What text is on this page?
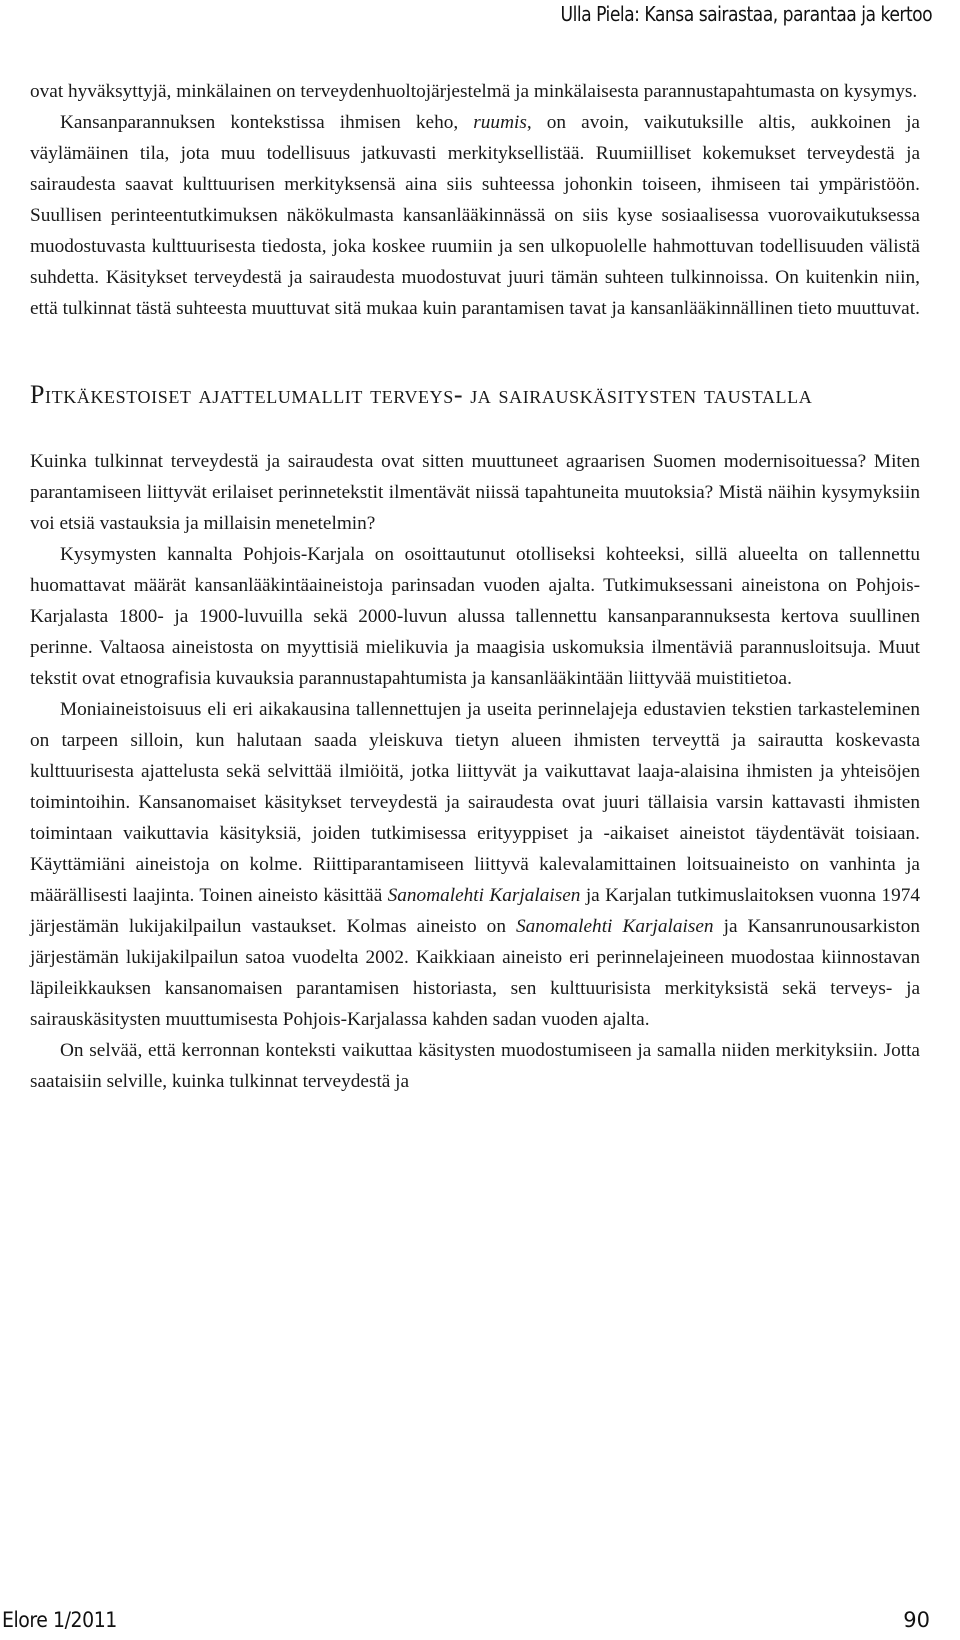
Ulla Piela: Kansa sairastaa, parantaa ja kertoo

ovat hyväksyttyjä, minkälainen on terveydenhuoltojärjestelmä ja minkälaisesta parannustapahtumasta on kysymys.

Kansanparannuksen kontekstissa ihmisen keho, ruumis, on avoin, vaikutuksille altis, aukkoinen ja väylämäinen tila, jota muu todellisuus jatkuvasti merkityksellistää. Ruumiilliset kokemukset terveydestä ja sairaudesta saavat kulttuurisen merkityksensä aina siis suhteessa johonkin toiseen, ihmiseen tai ympäristöön. Suullisen perinteentutkimuksen näkökulmasta kansanlääkinnässä on siis kyse sosiaalisessa vuorovaikutuksessa muodostuvasta kulttuurisesta tiedosta, joka koskee ruumiin ja sen ulkopuolelle hahmottuvan todellisuuden välistä suhdetta. Käsitykset terveydestä ja sairaudesta muodostuvat juuri tämän suhteen tulkinnoissa. On kuitenkin niin, että tulkinnat tästä suhteesta muuttuvat sitä mukaa kuin parantamisen tavat ja kansanlääkinnällinen tieto muuttuvat.

Pitkäkestoiset ajattelumallit terveys- ja sairauskäsitysten taustalla

Kuinka tulkinnat terveydestä ja sairaudesta ovat sitten muuttuneet agraarisen Suomen modernisoituessa? Miten parantamiseen liittyvät erilaiset perinnetekstit ilmentävät niissä tapahtuneita muutoksia? Mistä näihin kysymyksiin voi etsiä vastauksia ja millaisin menetelmin?

Kysymysten kannalta Pohjois-Karjala on osoittautunut otolliseksi kohteeksi, sillä alueelta on tallennettu huomattavat määrät kansanlääkintäaineistoja parinsadan vuoden ajalta. Tutkimuksessani aineistona on Pohjois-Karjalasta 1800- ja 1900-luvuilla sekä 2000-luvun alussa tallennettu kansanparannuksesta kertova suullinen perinne. Valtaosa aineistosta on myyttisiä mielikuvia ja maagisia uskomuksia ilmentäviä parannusloitsuja. Muut tekstit ovat etnografisia kuvauksia parannustapahtumista ja kansanlääkintään liittyvää muistitietoa.

Moniaineistoisuus eli eri aikakausina tallennettujen ja useita perinnelajeja edustavien tekstien tarkasteleminen on tarpeen silloin, kun halutaan saada yleiskuva tietyn alueen ihmisten terveyttä ja sairautta koskevasta kulttuurisesta ajattelusta sekä selvittää ilmiöitä, jotka liittyvät ja vaikuttavat laaja-alaisina ihmisten ja yhteisöjen toimintoihin. Kansanomaiset käsitykset terveydestä ja sairaudesta ovat juuri tällaisia varsin kattavasti ihmisten toimintaan vaikuttavia käsityksiä, joiden tutkimisessa erityyppiset ja -aikaiset aineistot täydentävät toisiaan. Käyttämiäni aineistoja on kolme. Riittiparantamiseen liittyvä kalevalamittainen loitsuaineisto on vanhinta ja määrällisesti laajinta. Toinen aineisto käsittää Sanomalehti Karjalaisen ja Karjalan tutkimuslaitoksen vuonna 1974 järjestämän lukijakilpailun vastaukset. Kolmas aineisto on Sanomalehti Karjalaisen ja Kansanrunousarkiston järjestämän lukijakilpailun satoa vuodelta 2002. Kaikkiaan aineisto eri perinnelajeineen muodostaa kiinnostavan läpileikkauksen kansanomaisen parantamisen historiasta, sen kulttuurisista merkityksistä sekä terveys- ja sairauskäsitysten muuttumisesta Pohjois-Karjalassa kahden sadan vuoden ajalta.

On selvää, että kerronnan konteksti vaikuttaa käsitysten muodostumiseen ja samalla niiden merkityksiin. Jotta saataisiin selville, kuinka tulkinnat terveydestä ja

Elore 1/2011	90
